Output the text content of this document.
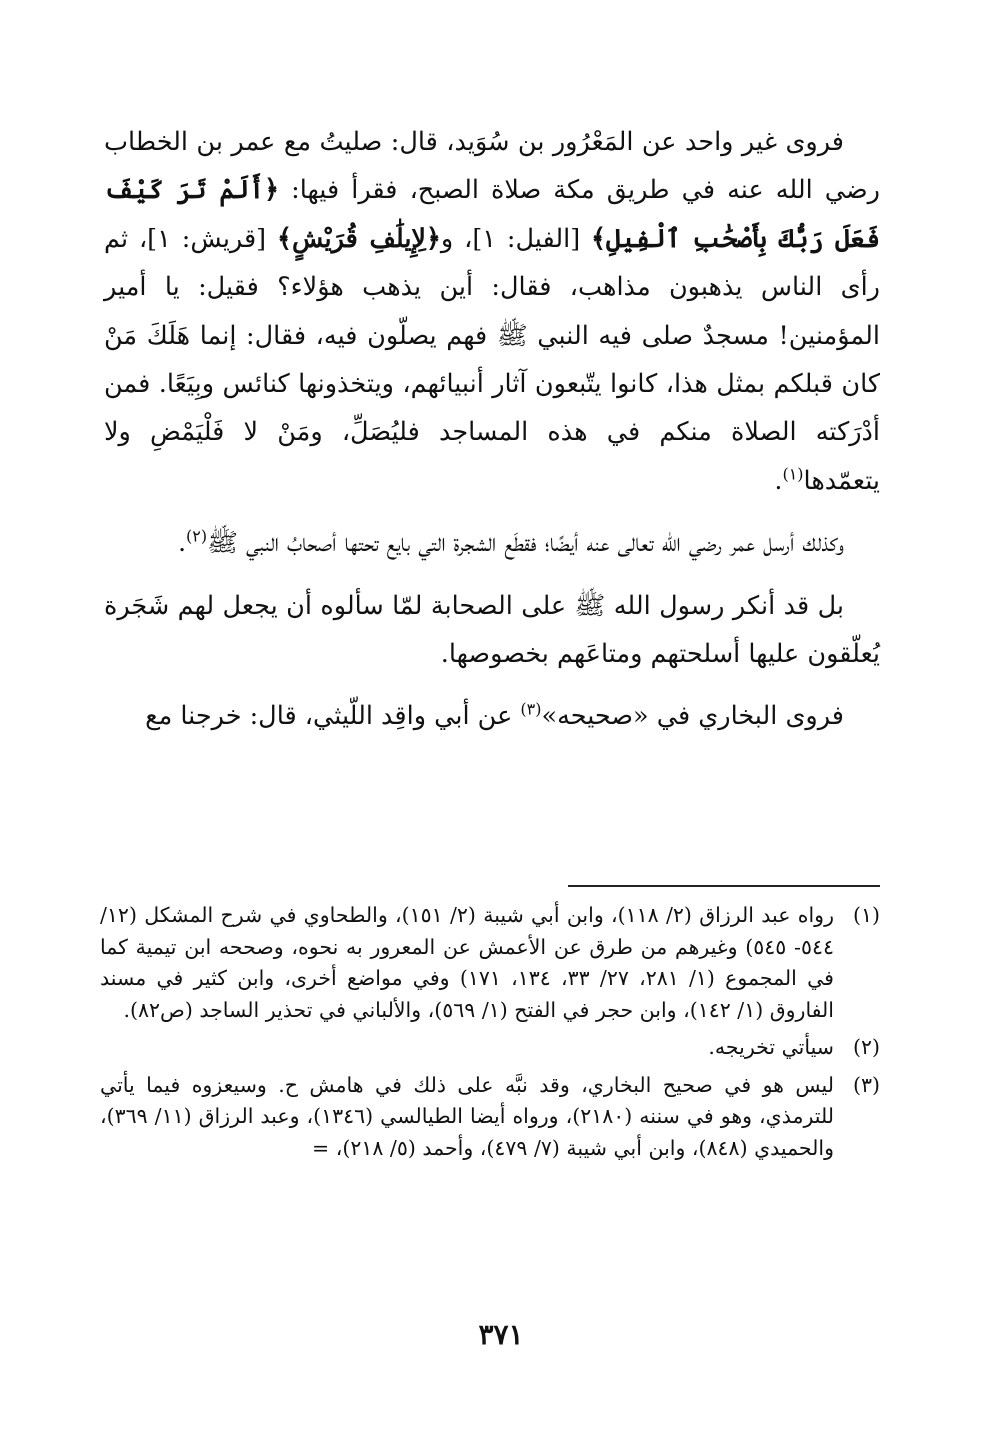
فروى غير واحد عن المَعْرُور بن سُوَيد، قال: صليتُ مع عمر بن الخطاب رضي الله عنه في طريق مكة صلاة الصبح، فقرأ فيها: ﴿أَلَمْ تَرَ كَيْفَ فَعَلَ رَبُّكَ بِأَصْحَٰبِ ٱلْفِيلِ﴾ [الفيل: ١]، و﴿لِإِيلَٰفِ قُرَيْشٍ﴾ [قريش: ١]، ثم رأى الناس يذهبون مذاهب، فقال: أين يذهب هؤلاء؟ فقيل: يا أمير المؤمنين! مسجدٌ صلى فيه النبي ﷺ فهم يصلّون فيه، فقال: إنما هَلَكَ مَنْ كان قبلكم بمثل هذا، كانوا يتّبعون آثار أنبيائهم، ويتخذونها كنائس وبِيَعًا. فمن أدْرَكته الصلاة منكم في هذه المساجد فليُصَلِّ، ومَنْ لا فَلْيَمْضِ ولا يتعمّدها$^{(١)}$.

وكذلك أرسل عمر رضي الله تعالى عنه أيضًا؛ فقطَع الشجرة التي بايع تحتها أصحابُ النبي ﷺ$^{(٢)}$.

بل قد أنكر رسول الله ﷺ على الصحابة لمّا سألوه أن يجعل لهم شَجَرة يُعلّقون عليها أسلحتهم ومتاعَهم بخصوصها.

فروى البخاري في «صحيحه»$^{(٣)}$ عن أبي واقِد اللّيثي، قال: خرجنا مع

(١)
رواه عبد الرزاق (٢/ ١١٨)، وابن أبي شيبة (٢/ ١٥١)، والطحاوي في شرح المشكل (١٢/ ٥٤٤- ٥٤٥) وغيرهم من طرق عن الأعمش عن المعرور به نحوه، وصححه ابن تيمية كما في المجموع (١/ ٢٨١، ٢٧/ ٣٣، ١٣٤، ١٧١) وفي مواضع أخرى، وابن كثير في مسند الفاروق (١/ ١٤٢)، وابن حجر في الفتح (١/ ٥٦٩)، والألباني في تحذير الساجد (ص٨٢).
(٢)
سيأتي تخريجه.
(٣)
ليس هو في صحيح البخاري، وقد نبَّه على ذلك في هامش ح. وسيعزوه فيما يأتي للترمذي، وهو في سننه (٢١٨٠)، ورواه أيضا الطيالسي (١٣٤٦)، وعبد الرزاق (١١/ ٣٦٩)، والحميدي (٨٤٨)، وابن أبي شيبة (٧/ ٤٧٩)، وأحمد (٥/ ٢١٨)، =
٣٧١
